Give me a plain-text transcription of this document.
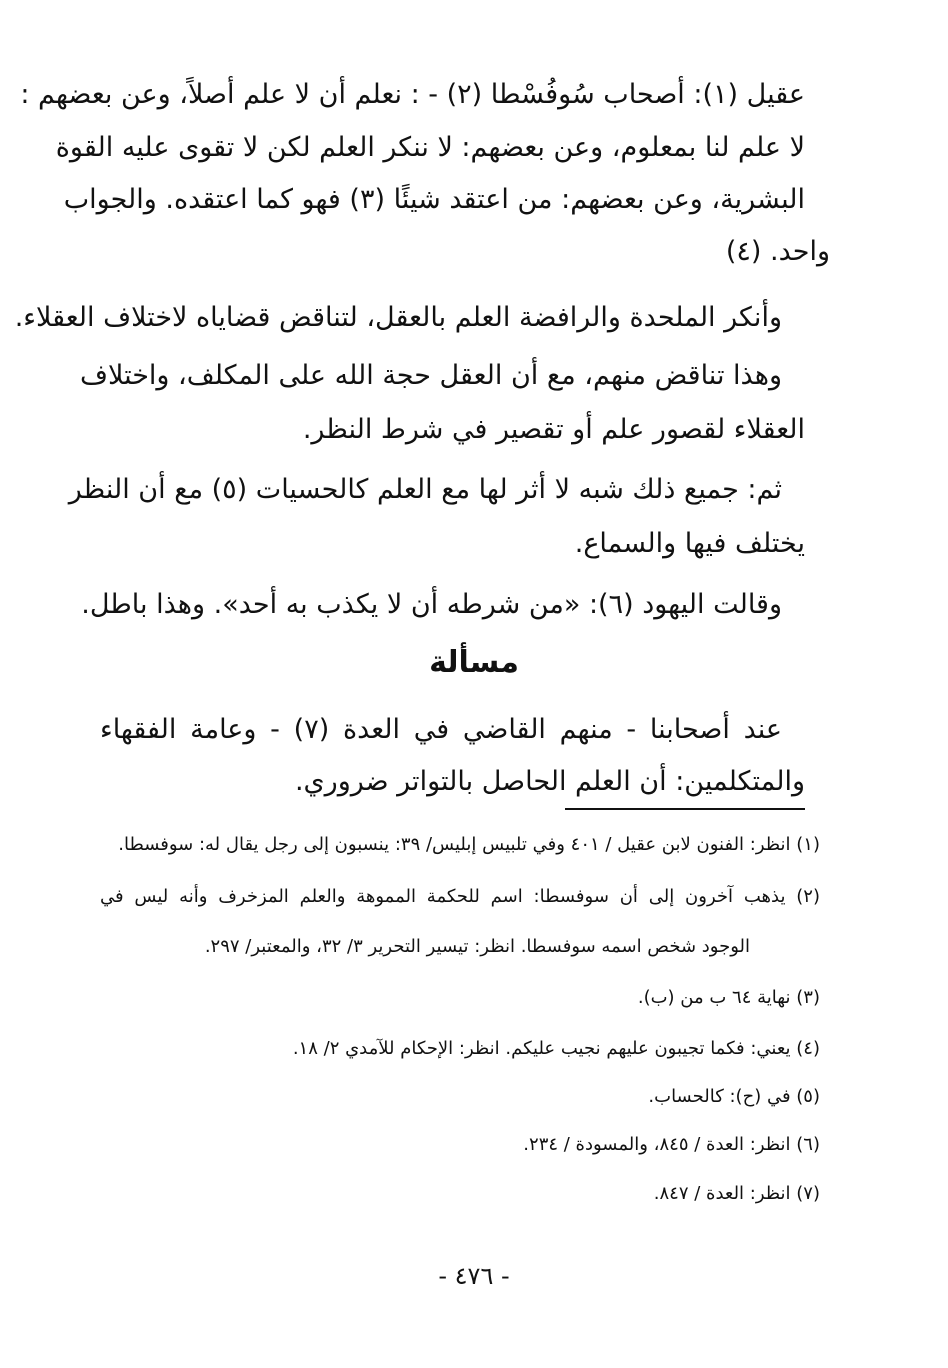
عقيل (١): أصحاب سُوفُسْطا (٢) - : نعلم أن لا علم أصلاً، وعن بعضهم :
لا علم لنا بمعلوم، وعن بعضهم: لا ننكر العلم لكن لا تقوى عليه القوة
البشرية، وعن بعضهم: من اعتقد شيئًا (٣) فهو كما اعتقده. والجواب
واحد. (٤)
وأنكر الملحدة والرافضة العلم بالعقل، لتناقض قضاياه لاختلاف العقلاء.
وهذا تناقض منهم، مع أن العقل حجة الله على المكلف، واختلاف
العقلاء لقصور علم أو تقصير في شرط النظر.
ثم: جميع ذلك شبه لا أثر لها مع العلم كالحسيات (٥) مع أن النظر
يختلف فيها والسماع.
وقالت اليهود (٦): «من شرطه أن لا يكذب به أحد». وهذا باطل.
مسألة
عند أصحابنا - منهم القاضي في العدة (٧) - وعامة الفقهاء
والمتكلمين: أن العلم الحاصل بالتواتر ضروري.
(١) انظر: الفنون لابن عقيل / ٤٠١ وفي تلبيس إبليس/ ٣٩: ينسبون إلى رجل يقال له: سوفسطا.
(٢) يذهب آخرون إلى أن سوفسطا: اسم للحكمة المموهة والعلم المزخرف وأنه ليس في
الوجود شخص اسمه سوفسطا. انظر: تيسير التحرير ٣/ ٣٢، والمعتبر/ ٢٩٧.
(٣) نهاية ٦٤ ب من (ب).
(٤) يعني: فكما تجيبون عليهم نجيب عليكم. انظر: الإحكام للآمدي ٢/ ١٨.
(٥) في (ح): كالحساب.
(٦) انظر: العدة / ٨٤٥، والمسودة / ٢٣٤.
(٧) انظر: العدة / ٨٤٧.
- ٤٧٦ -
